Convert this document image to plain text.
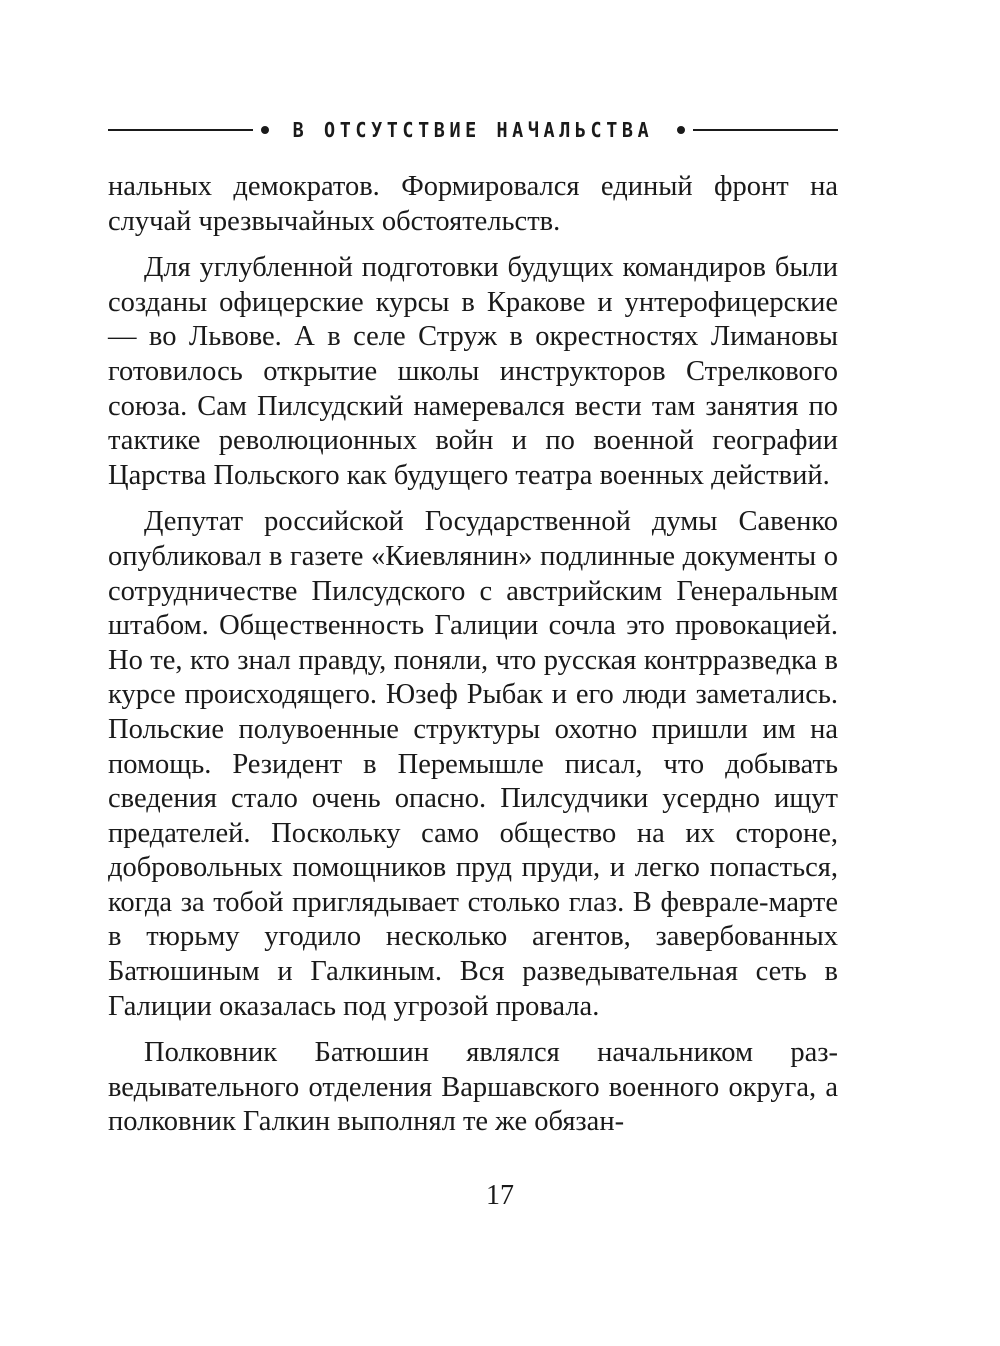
В ОТСУТСТВИЕ НАЧАЛЬСТВА

нальных демократов. Формировался единый фронт на случай чрезвычайных обстоятельств.

Для углубленной подготовки будущих командиров были созданы офицерские курсы в Кракове и унтерофицерские — во Львове. А в селе Струж в окрестностях Лимановы готовилось открытие школы инструкторов Стрелкового союза. Сам Пилсудский намеревался вести там занятия по тактике революционных войн и по военной географии Царства Польского как будущего театра военных действий.

Депутат российской Государственной думы Савенко опубликовал в газете «Киевлянин» подлинные документы о сотрудничестве Пилсудского с австрийским Генеральным штабом. Общественность Галиции сочла это провокацией. Но те, кто знал правду, поняли, что русская контрразведка в курсе происходящего. Юзеф Рыбак и его люди заметались. Польские полувоенные структуры охотно пришли им на помощь. Резидент в Перемышле писал, что добывать сведения стало очень опасно. Пилсудчики усердно ищут предателей. Поскольку само общество на их стороне, добровольных помощников пруд пруди, и легко попасться, когда за тобой приглядывает столько глаз. В феврале-марте в тюрьму угодило несколько агентов, завербованных Батюшиным и Галкиным. Вся разведывательная сеть в Галиции оказалась под угрозой провала.

Полковник Батюшин являлся начальником разведывательного отделения Варшавского военного округа, а полковник Галкин выполнял те же обязан-

17
